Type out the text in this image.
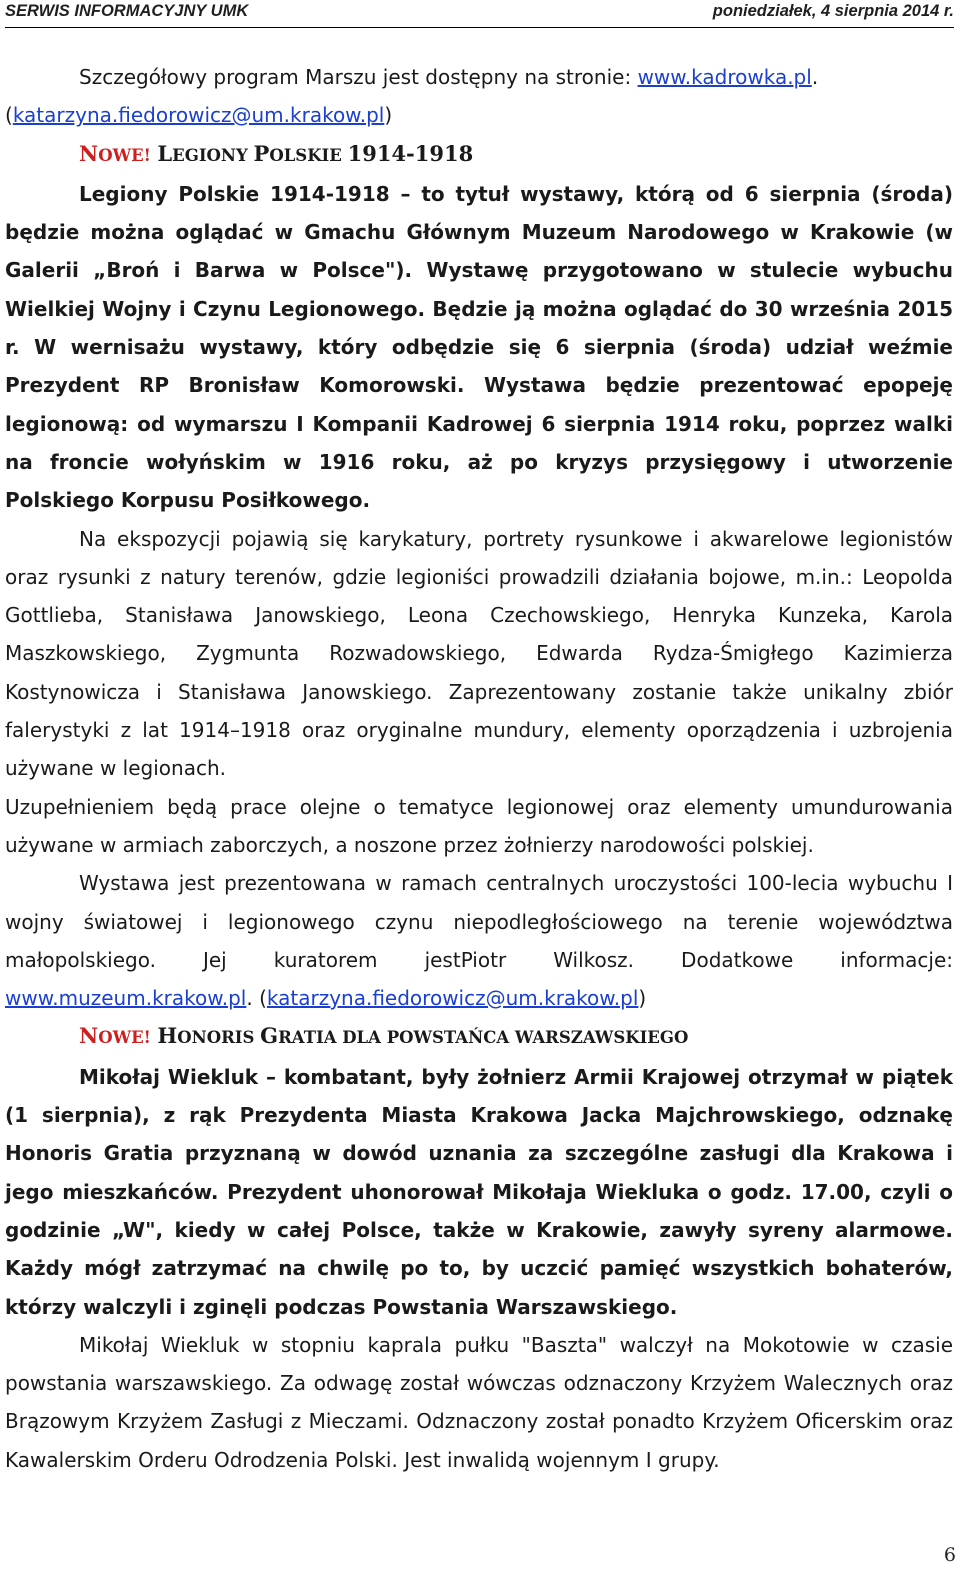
SERWIS INFORMACYJNY UMK	poniedziałek, 4 sierpnia 2014 r.

Szczegółowy program Marszu jest dostępny na stronie: www.kadrowka.pl.

(katarzyna.fiedorowicz@um.krakow.pl)

NOWE! LEGIONY POLSKIE 1914-1918

Legiony Polskie 1914-1918 – to tytuł wystawy, którą od 6 sierpnia (środa) będzie można oglądać w Gmachu Głównym Muzeum Narodowego w Krakowie (w Galerii „Broń i Barwa w Polsce"). Wystawę przygotowano w stulecie wybuchu Wielkiej Wojny i Czynu Legionowego. Będzie ją można oglądać do 30 września 2015 r. W wernisażu wystawy, który odbędzie się 6 sierpnia (środa) udział weźmie Prezydent RP Bronisław Komorowski. Wystawa będzie prezentować epopeję legionową: od wymarszu I Kompanii Kadrowej 6 sierpnia 1914 roku, poprzez walki na froncie wołyńskim w 1916 roku, aż po kryzys przysięgowy i utworzenie Polskiego Korpusu Posiłkowego.

Na ekspozycji pojawią się karykatury, portrety rysunkowe i akwarelowe legionistów oraz rysunki z natury terenów, gdzie legioniści prowadzili działania bojowe, m.in.: Leopolda Gottlieba, Stanisława Janowskiego, Leona Czechowskiego, Henryka Kunzeka, Karola Maszkowskiego, Zygmunta Rozwadowskiego, Edwarda Rydza-Śmigłego Kazimierza Kostynowicza i Stanisława Janowskiego. Zaprezentowany zostanie także unikalny zbiór falerystyki z lat 1914–1918 oraz oryginalne mundury, elementy oporządzenia i uzbrojenia używane w legionach.

Uzupełnieniem będą prace olejne o tematyce legionowej oraz elementy umundurowania używane w armiach zaborczych, a noszone przez żołnierzy narodowości polskiej.

Wystawa jest prezentowana w ramach centralnych uroczystości 100-lecia wybuchu I wojny światowej i legionowego czynu niepodległościowego na terenie województwa małopolskiego. Jej kuratorem jestPiotr Wilkosz. Dodatkowe informacje: www.muzeum.krakow.pl. (katarzyna.fiedorowicz@um.krakow.pl)

NOWE! HONORIS GRATIA DLA POWSTAŃCA WARSZAWSKIEGO

Mikołaj Wiekluk – kombatant, były żołnierz Armii Krajowej otrzymał w piątek (1 sierpnia), z rąk Prezydenta Miasta Krakowa Jacka Majchrowskiego, odznakę Honoris Gratia przyznaną w dowód uznania za szczególne zasługi dla Krakowa i jego mieszkańców. Prezydent uhonorował Mikołaja Wiekluka o godz. 17.00, czyli o godzinie „W", kiedy w całej Polsce, także w Krakowie, zawyły syreny alarmowe. Każdy mógł zatrzymać na chwilę po to, by uczcić pamięć wszystkich bohaterów, którzy walczyli i zginęli podczas Powstania Warszawskiego.

Mikołaj Wiekluk w stopniu kaprala pułku "Baszta" walczył na Mokotowie w czasie powstania warszawskiego. Za odwagę został wówczas odznaczony Krzyżem Walecznych oraz Brązowym Krzyżem Zasługi z Mieczami. Odznaczony został ponadto Krzyżem Oficerskim oraz Kawalerskim Orderu Odrodzenia Polski. Jest inwalidą wojennym I grupy.

6
